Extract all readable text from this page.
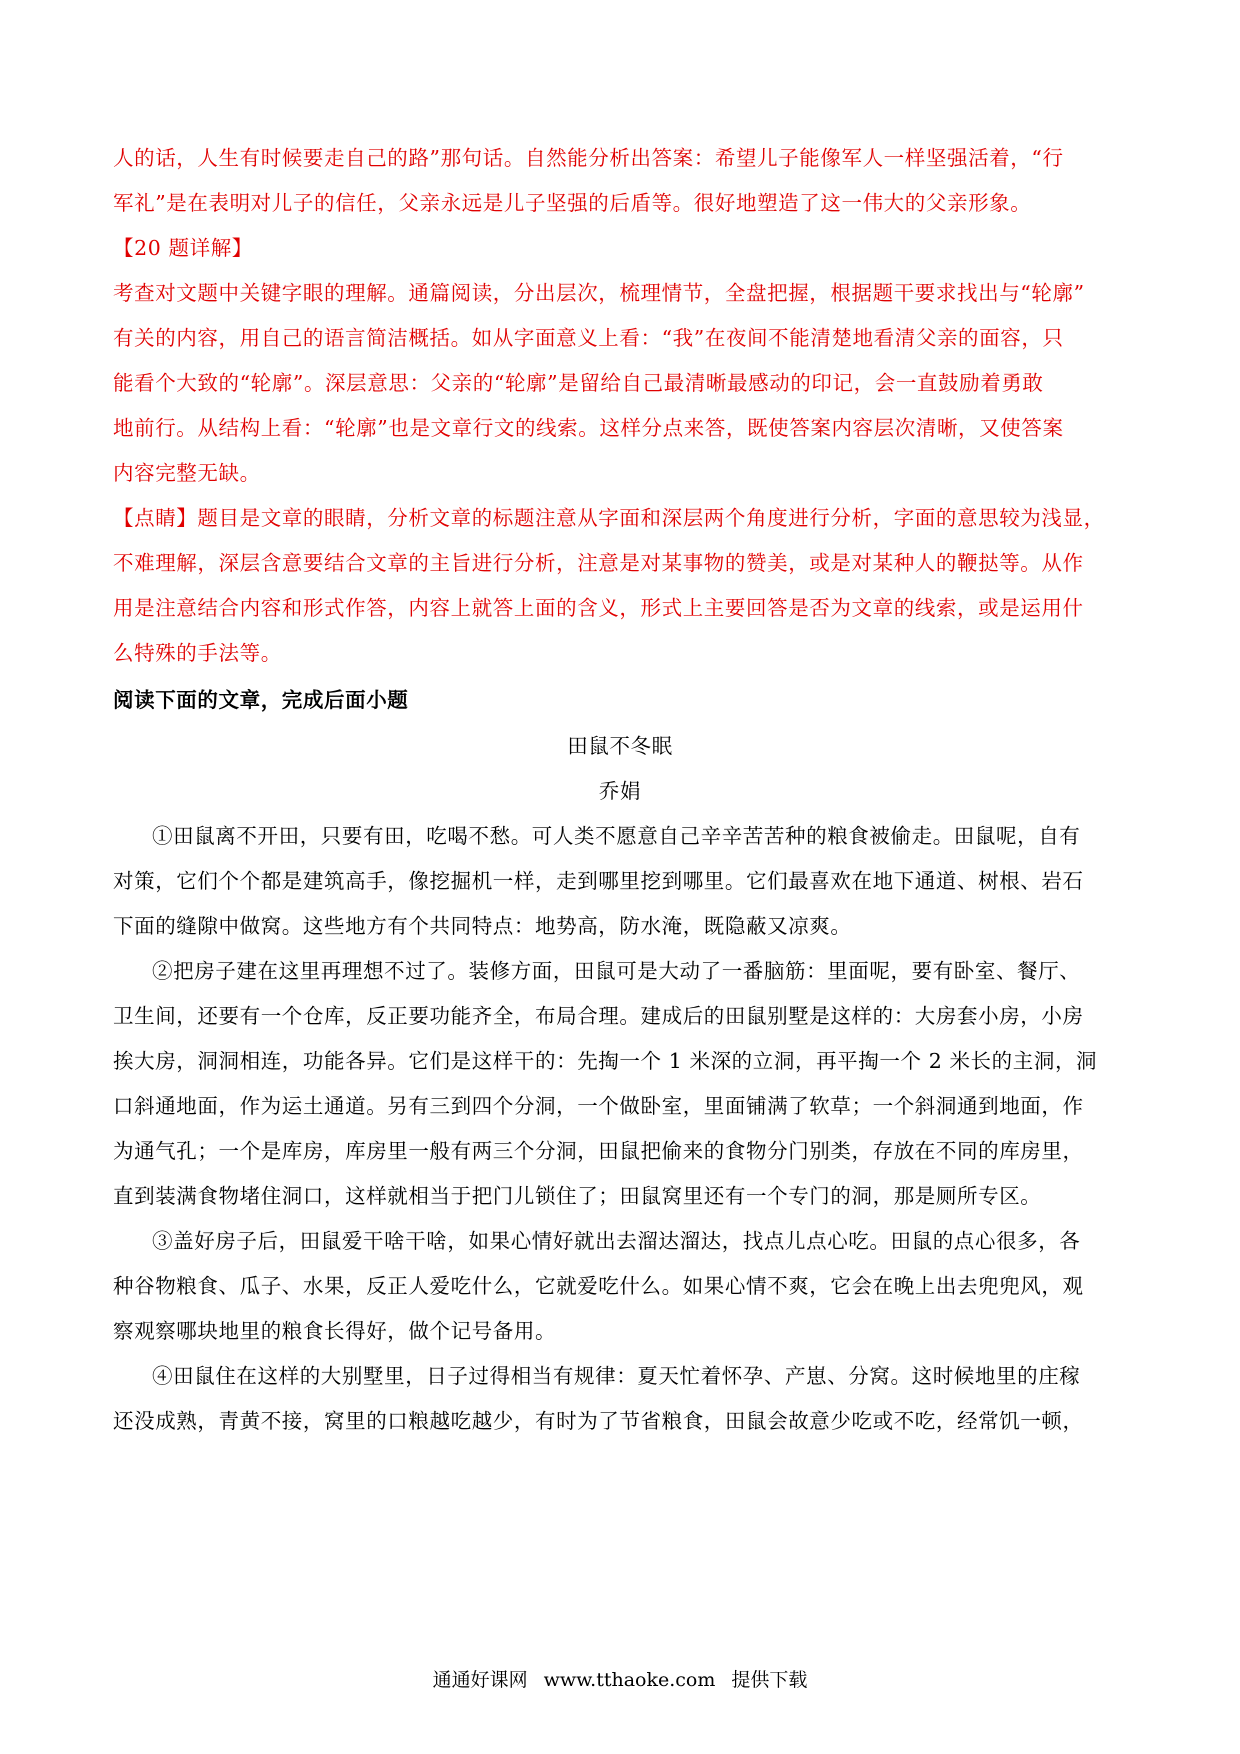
人的话，人生有时候要走自己的路”那句话。自然能分析出答案：希望儿子能像军人一样坚强活着，“行
军礼”是在表明对儿子的信任，父亲永远是儿子坚强的后盾等。很好地塑造了这一伟大的父亲形象。
【20 题详解】
考查对文题中关键字眼的理解。通篇阅读，分出层次，梳理情节，全盘把握，根据题干要求找出与“轮廓”
有关的内容，用自己的语言简洁概括。如从字面意义上看：“我”在夜间不能清楚地看清父亲的面容，只
能看个大致的“轮廓”。深层意思：父亲的“轮廓”是留给自己最清晰最感动的印记，会一直鼓励着勇敢
地前行。从结构上看：“轮廓”也是文章行文的线索。这样分点来答，既使答案内容层次清晰，又使答案
内容完整无缺。
【点睛】题目是文章的眼睛，分析文章的标题注意从字面和深层两个角度进行分析，字面的意思较为浅显，
不难理解，深层含意要结合文章的主旨进行分析，注意是对某事物的赞美，或是对某种人的鞭挞等。从作
用是注意结合内容和形式作答，内容上就答上面的含义，形式上主要回答是否为文章的线索，或是运用什
么特殊的手法等。
阅读下面的文章，完成后面小题
田鼠不冬眠
乔娟
①田鼠离不开田，只要有田，吃喝不愁。可人类不愿意自己辛辛苦苦种的粮食被偷走。田鼠呢，自有
对策，它们个个都是建筑高手，像挖掘机一样，走到哪里挖到哪里。它们最喜欢在地下通道、树根、岩石
下面的缝隙中做窝。这些地方有个共同特点：地势高，防水淹，既隐蔽又凉爽。
②把房子建在这里再理想不过了。装修方面，田鼠可是大动了一番脑筋：里面呢，要有卧室、餐厅、
卫生间，还要有一个仓库，反正要功能齐全，布局合理。建成后的田鼠别墅是这样的：大房套小房，小房
挨大房，洞洞相连，功能各异。它们是这样干的：先掏一个 1 米深的立洞，再平掏一个 2 米长的主洞，洞
口斜通地面，作为运土通道。另有三到四个分洞，一个做卧室，里面铺满了软草；一个斜洞通到地面，作
为通气孔；一个是库房，库房里一般有两三个分洞，田鼠把偷来的食物分门别类，存放在不同的库房里，
直到装满食物堵住洞口，这样就相当于把门儿锁住了；田鼠窝里还有一个专门的洞，那是厕所专区。
③盖好房子后，田鼠爱干啥干啥，如果心情好就出去溜达溜达，找点儿点心吃。田鼠的点心很多，各
种谷物粮食、瓜子、水果，反正人爱吃什么，它就爱吃什么。如果心情不爽，它会在晚上出去兜兜风，观
察观察哪块地里的粮食长得好，做个记号备用。
④田鼠住在这样的大别墅里，日子过得相当有规律：夏天忙着怀孕、产崽、分窝。这时候地里的庄稼
还没成熟，青黄不接，窝里的口粮越吃越少，有时为了节省粮食，田鼠会故意少吃或不吃，经常饥一顿，
通通好课网 www.tthaoke.com 提供下载
